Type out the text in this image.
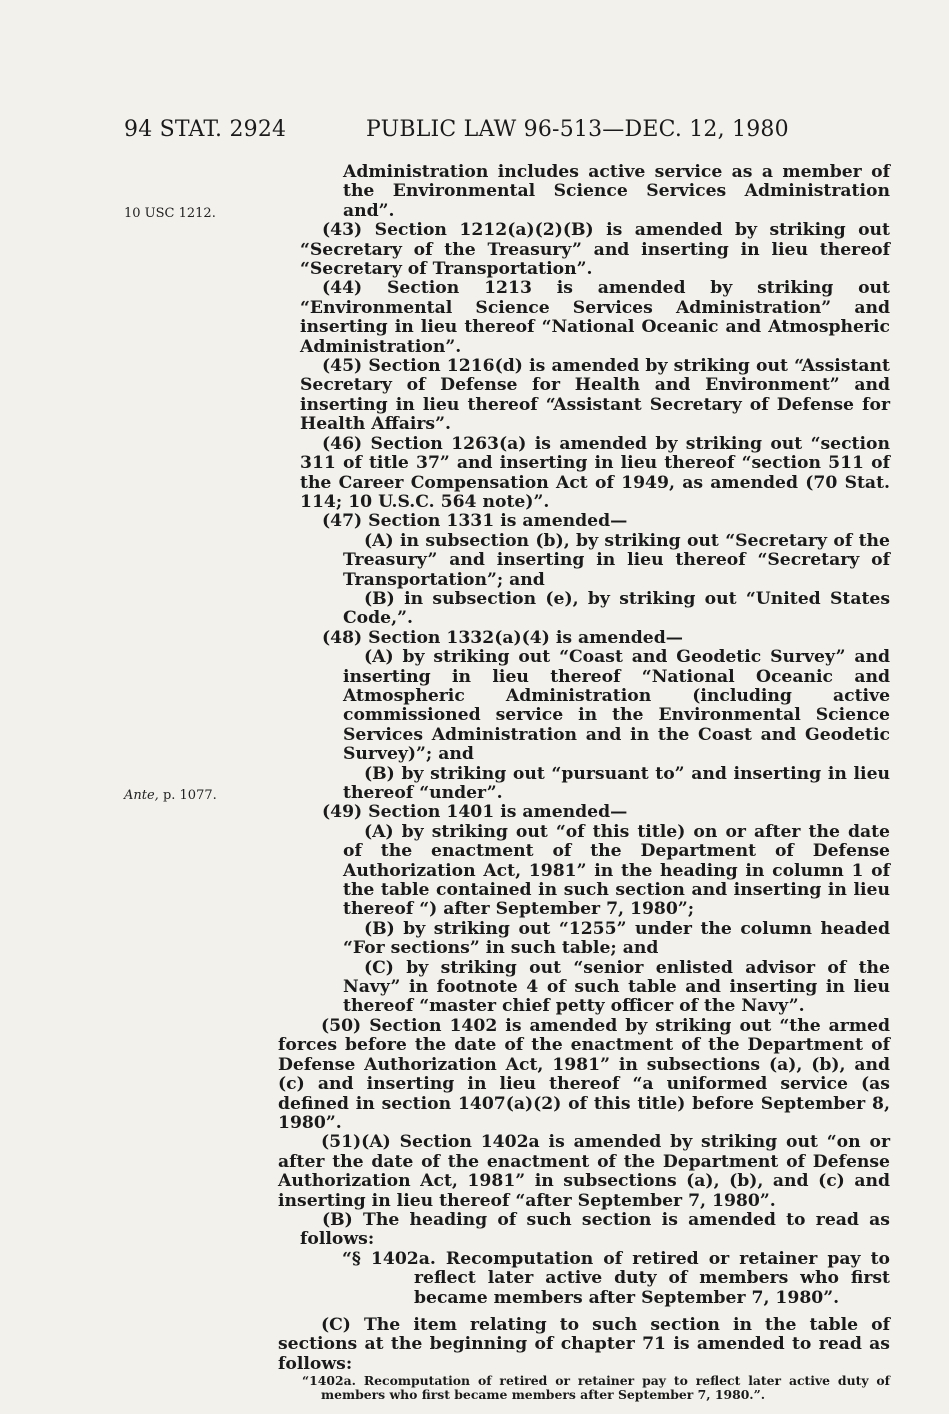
94 STAT. 2924	PUBLIC LAW 96-513—DEC. 12, 1980
10 USC 1212.
Ante, p. 1077.

Administration includes active service as a member of the Environmental Science Services Administration and”.

(43) Section 1212(a)(2)(B) is amended by striking out “Secretary of the Treasury” and inserting in lieu thereof “Secretary of Transportation”.

(44) Section 1213 is amended by striking out “Environmental Science Services Administration” and inserting in lieu thereof “National Oceanic and Atmospheric Administration”.

(45) Section 1216(d) is amended by striking out “Assistant Secretary of Defense for Health and Environment” and inserting in lieu thereof “Assistant Secretary of Defense for Health Affairs”.

(46) Section 1263(a) is amended by striking out “section 311 of title 37” and inserting in lieu thereof “section 511 of the Career Compensation Act of 1949, as amended (70 Stat. 114; 10 U.S.C. 564 note)”.

(47) Section 1331 is amended—

(A) in subsection (b), by striking out “Secretary of the Treasury” and inserting in lieu thereof “Secretary of Transportation”; and

(B) in subsection (e), by striking out “United States Code,”.

(48) Section 1332(a)(4) is amended—

(A) by striking out “Coast and Geodetic Survey” and inserting in lieu thereof “National Oceanic and Atmospheric Administration (including active commissioned service in the Environmental Science Services Administration and in the Coast and Geodetic Survey)”; and

(B) by striking out “pursuant to” and inserting in lieu thereof “under”.

(49) Section 1401 is amended—

(A) by striking out “of this title) on or after the date of the enactment of the Department of Defense Authorization Act, 1981” in the heading in column 1 of the table contained in such section and inserting in lieu thereof “) after September 7, 1980”;

(B) by striking out “1255” under the column headed “For sections” in such table; and

(C) by striking out “senior enlisted advisor of the Navy” in footnote 4 of such table and inserting in lieu thereof “master chief petty officer of the Navy”.

(50) Section 1402 is amended by striking out “the armed forces before the date of the enactment of the Department of Defense Authorization Act, 1981” in subsections (a), (b), and (c) and inserting in lieu thereof “a uniformed service (as defined in section 1407(a)(2) of this title) before September 8, 1980”.

(51)(A) Section 1402a is amended by striking out “on or after the date of the enactment of the Department of Defense Authorization Act, 1981” in subsections (a), (b), and (c) and inserting in lieu thereof “after September 7, 1980”.

(B) The heading of such section is amended to read as follows:

“§ 1402a. Recomputation of retired or retainer pay to reflect later active duty of members who first became members after September 7, 1980”.

(C) The item relating to such section in the table of sections at the beginning of chapter 71 is amended to read as follows:

“1402a. Recomputation of retired or retainer pay to reflect later active duty of members who first became members after September 7, 1980.”.
